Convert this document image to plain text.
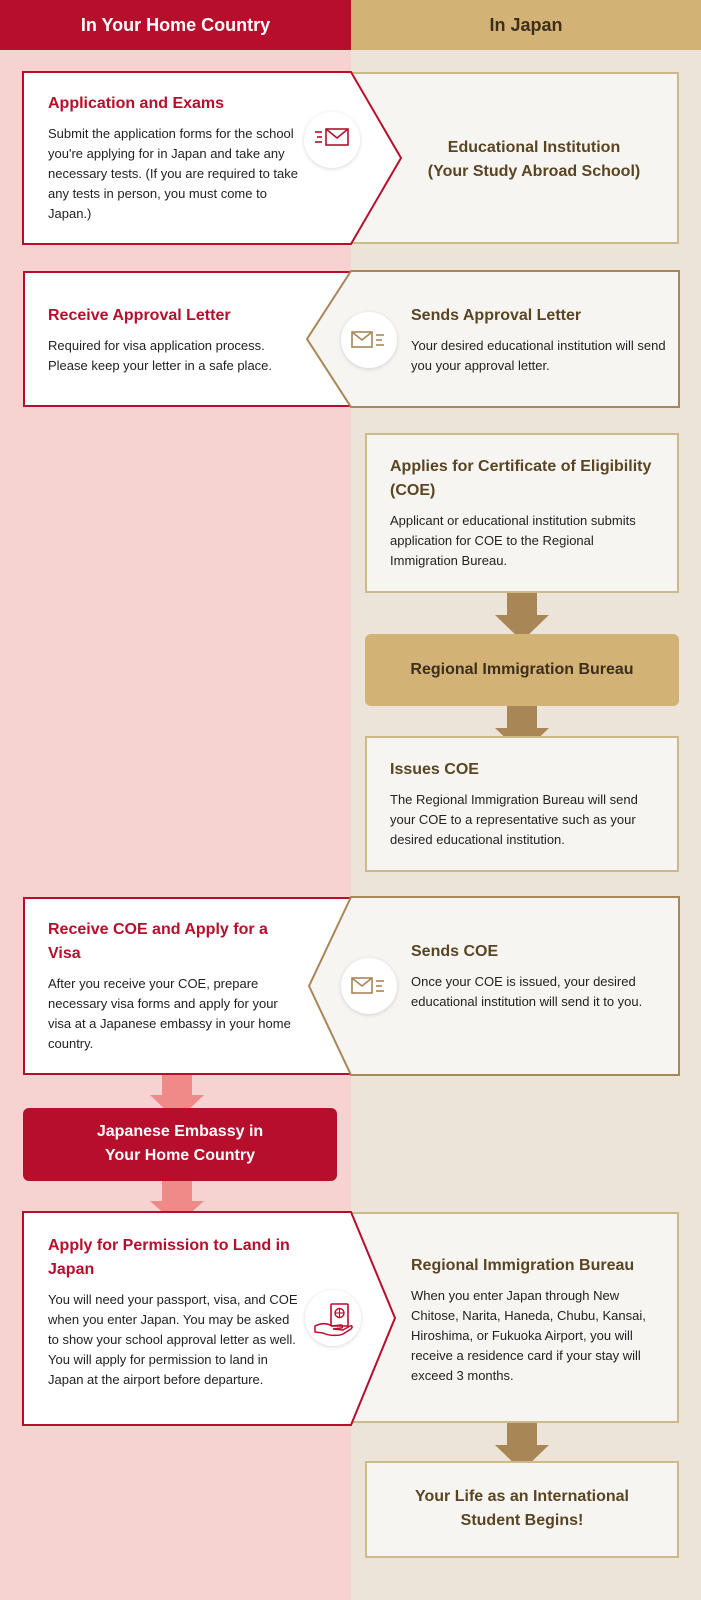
In Your Home Country	In Japan
Educational Institution
(Your Study Abroad School)
Application and Exams
Submit the application forms for the school you're applying for in Japan and take any necessary tests. (If you are required to take any tests in person, you must come to Japan.)
Receive Approval Letter
Required for visa application process. Please keep your letter in a safe place.
Sends Approval Letter
Your desired educational institution will send you your approval letter.
Applies for Certificate of Eligibility (COE)
Applicant or educational institution submits application for COE to the Regional Immigration Bureau.
Regional Immigration Bureau
Issues COE
The Regional Immigration Bureau will send your COE to a representative such as your desired educational institution.
Receive COE and Apply for a Visa
After you receive your COE, prepare necessary visa forms and apply for your visa at a Japanese embassy in your home country.
Sends COE
Once your COE is issued, your desired educational institution will send it to you.
Japanese Embassy in
Your Home Country
Apply for Permission to Land in Japan
You will need your passport, visa, and COE when you enter Japan. You may be asked to show your school approval letter as well. You will apply for permission to land in Japan at the airport before departure.
Regional Immigration Bureau
When you enter Japan through New Chitose, Narita, Haneda, Chubu, Kansai, Hiroshima, or Fukuoka Airport, you will receive a residence card if your stay will exceed 3 months.
Your Life as an International
Student Begins!
